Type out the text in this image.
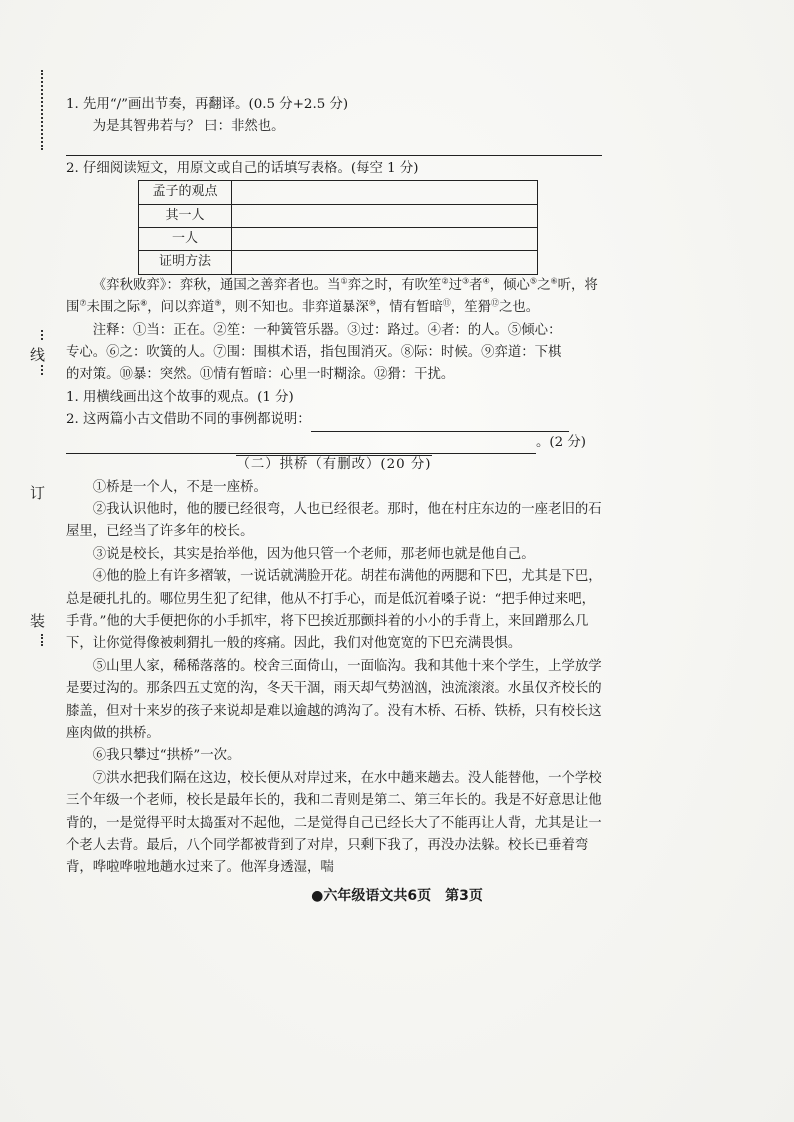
线
订
装

1. 先用“/”画出节奏，再翻译。(0.5 分+2.5 分)

为是其智弗若与？ 曰：非然也。

2. 仔细阅读短文，用原文或自己的话填写表格。(每空 1 分)

孟子的观点	
其一人	
一人	
证明方法	

《弈秋败弈》：弈秋，通国之善弈者也。当①弈之时，有吹笙②过③者④，倾心⑤之⑥听，将围⑦未围之际⑧，问以弈道⑨，则不知也。非弈道暴深⑩，情有暂暗⑪，笙猾⑫之也。

注释：①当：正在。②笙：一种簧管乐器。③过：路过。④者：的人。⑤倾心：

专心。⑥之：吹簧的人。⑦围：围棋术语，指包围消灭。⑧际：时候。⑨弈道：下棋

的对策。⑩暴：突然。⑪情有暂暗：心里一时糊涂。⑫猾：干扰。

1. 用横线画出这个故事的观点。(1 分)

2. 这两篇小古文借助不同的事例都说明：

。(2 分)

（二）拱桥（有删改）(20 分)

①桥是一个人，不是一座桥。

②我认识他时，他的腰已经很弯，人也已经很老。那时，他在村庄东边的一座老旧的石屋里，已经当了许多年的校长。

③说是校长，其实是抬举他，因为他只管一个老师，那老师也就是他自己。

④他的脸上有许多褶皱，一说话就满脸开花。胡茬布满他的两腮和下巴，尤其是下巴，总是硬扎扎的。哪位男生犯了纪律，他从不打手心，而是低沉着嗓子说：“把手伸过来吧，手背。”他的大手便把你的小手抓牢，将下巴挨近那颤抖着的小小的手背上，来回蹭那么几下，让你觉得像被刺猬扎一般的疼痛。因此，我们对他宽宽的下巴充满畏惧。

⑤山里人家，稀稀落落的。校舍三面倚山，一面临沟。我和其他十来个学生，上学放学是要过沟的。那条四五丈宽的沟，冬天干涸，雨天却气势汹汹，浊流滚滚。水虽仅齐校长的膝盖，但对十来岁的孩子来说却是难以逾越的鸿沟了。没有木桥、石桥、铁桥，只有校长这座肉做的拱桥。

⑥我只攀过“拱桥”一次。

⑦洪水把我们隔在这边，校长便从对岸过来，在水中趟来趟去。没人能替他，一个学校三个年级一个老师，校长是最年长的，我和二青则是第二、第三年长的。我是不好意思让他背的，一是觉得平时太捣蛋对不起他，二是觉得自己已经长大了不能再让人背，尤其是让一个老人去背。最后，八个同学都被背到了对岸，只剩下我了，再没办法躲。校长已垂着弯背，哗啦哗啦地趟水过来了。他浑身透湿，喘

●六年级语文共6页　第3页
